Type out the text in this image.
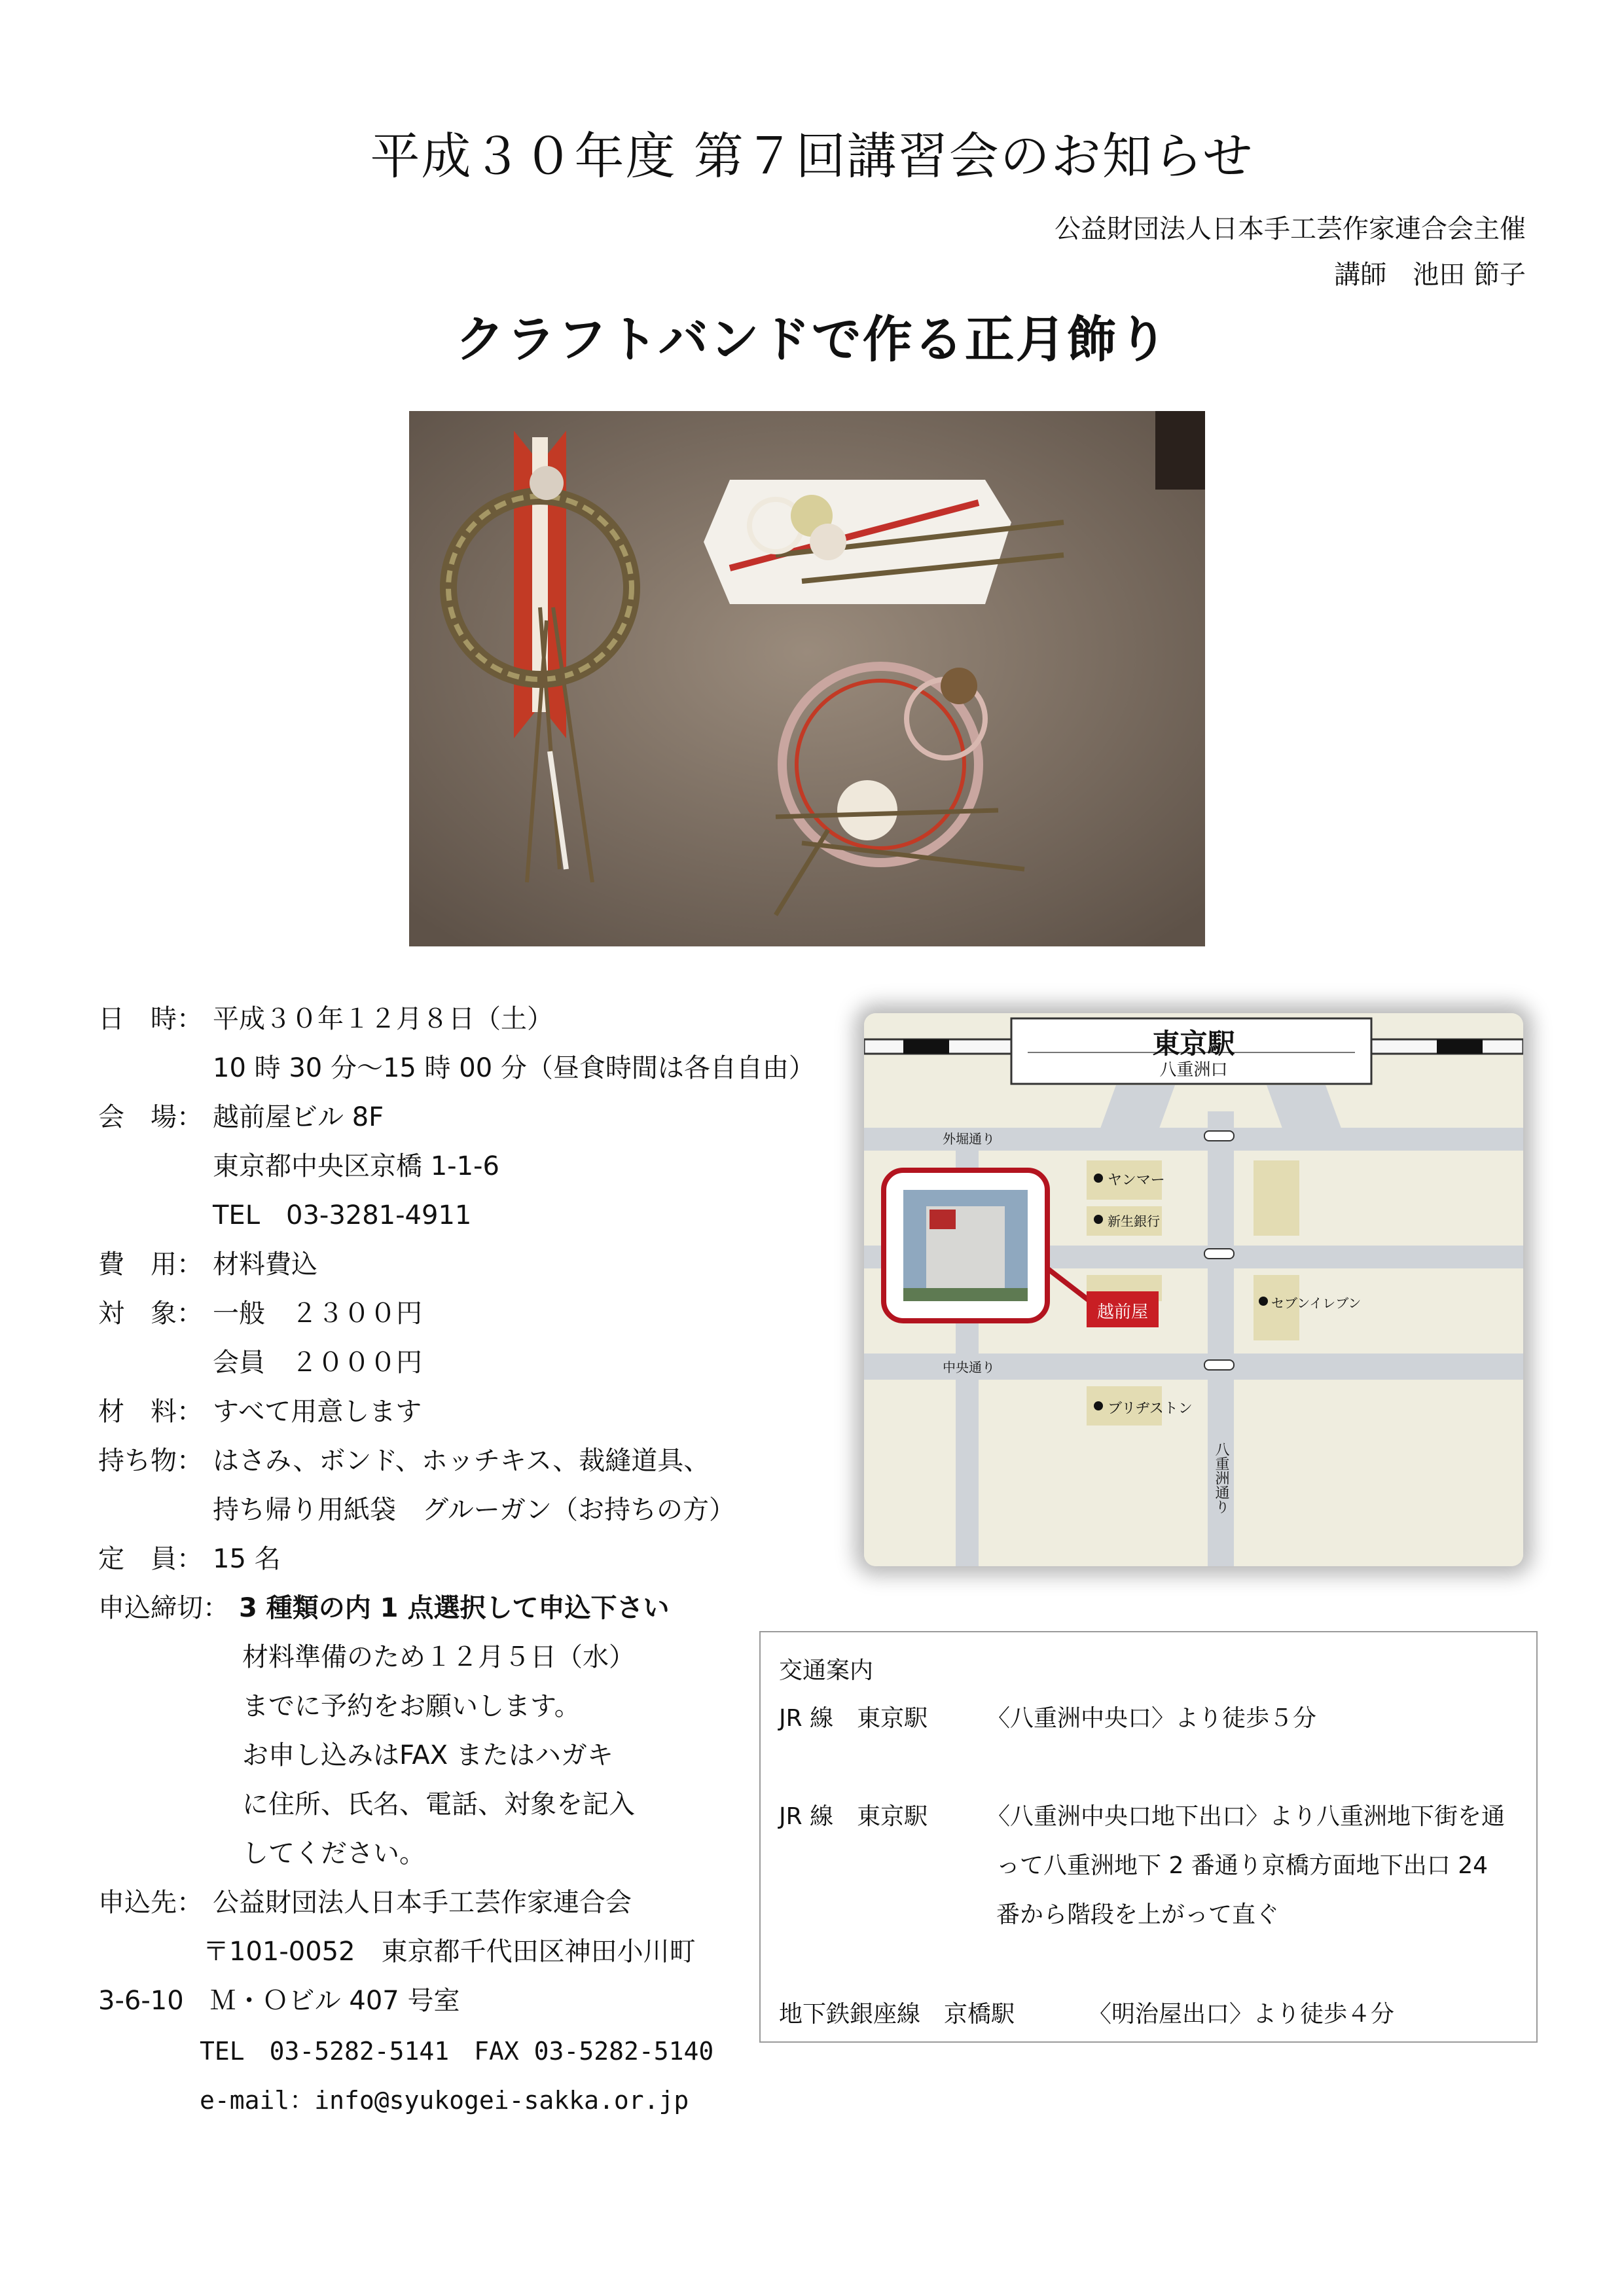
平成３０年度 第７回講習会のお知らせ
公益財団法人日本手工芸作家連合会主催
講師　池田 節子
クラフトバンドで作る正月飾り
日　時： 平成３０年１２月８日（土）
10 時 30 分～15 時 00 分（昼食時間は各自自由）
会　場： 越前屋ビル 8F
東京都中央区京橋 1-1-6
TEL　03-3281-4911
費　用： 材料費込
対　象： 一般　２３００円
会員　２０００円
材　料： すべて用意します
持ち物： はさみ、ボンド、ホッチキス、裁縫道具、
持ち帰り用紙袋　グルーガン（お持ちの方）
定　員： 15 名
申込締切： 3 種類の内 1 点選択して申込下さい
材料準備のため１２月５日（水）
までに予約をお願いします。
お申し込みはFAX またはハガキ
に住所、氏名、電話、対象を記入
してください。
申込先： 公益財団法人日本手工芸作家連合会
〒101-0052　東京都千代田区神田小川町
3-6-10　Ｍ・Ｏビル 407 号室
TEL　03-5282-5141　FAX 03-5282-5140
e-mail：info@syukogei-sakka.or.jp
東京駅
八重洲口
外堀通り
中央通り
八重洲通り
ヤンマー
新生銀行
セブンイレブン
ブリヂストン
越前屋
交通案内
JR 線　東京駅 〈八重洲中央口〉より徒歩５分
JR 線　東京駅 〈八重洲中央口地下出口〉より八重洲地下街を通
って八重洲地下 2 番通り京橋方面地下出口 24
番から階段を上がって直ぐ
地下鉄銀座線　京橋駅	〈明治屋出口〉より徒歩４分
